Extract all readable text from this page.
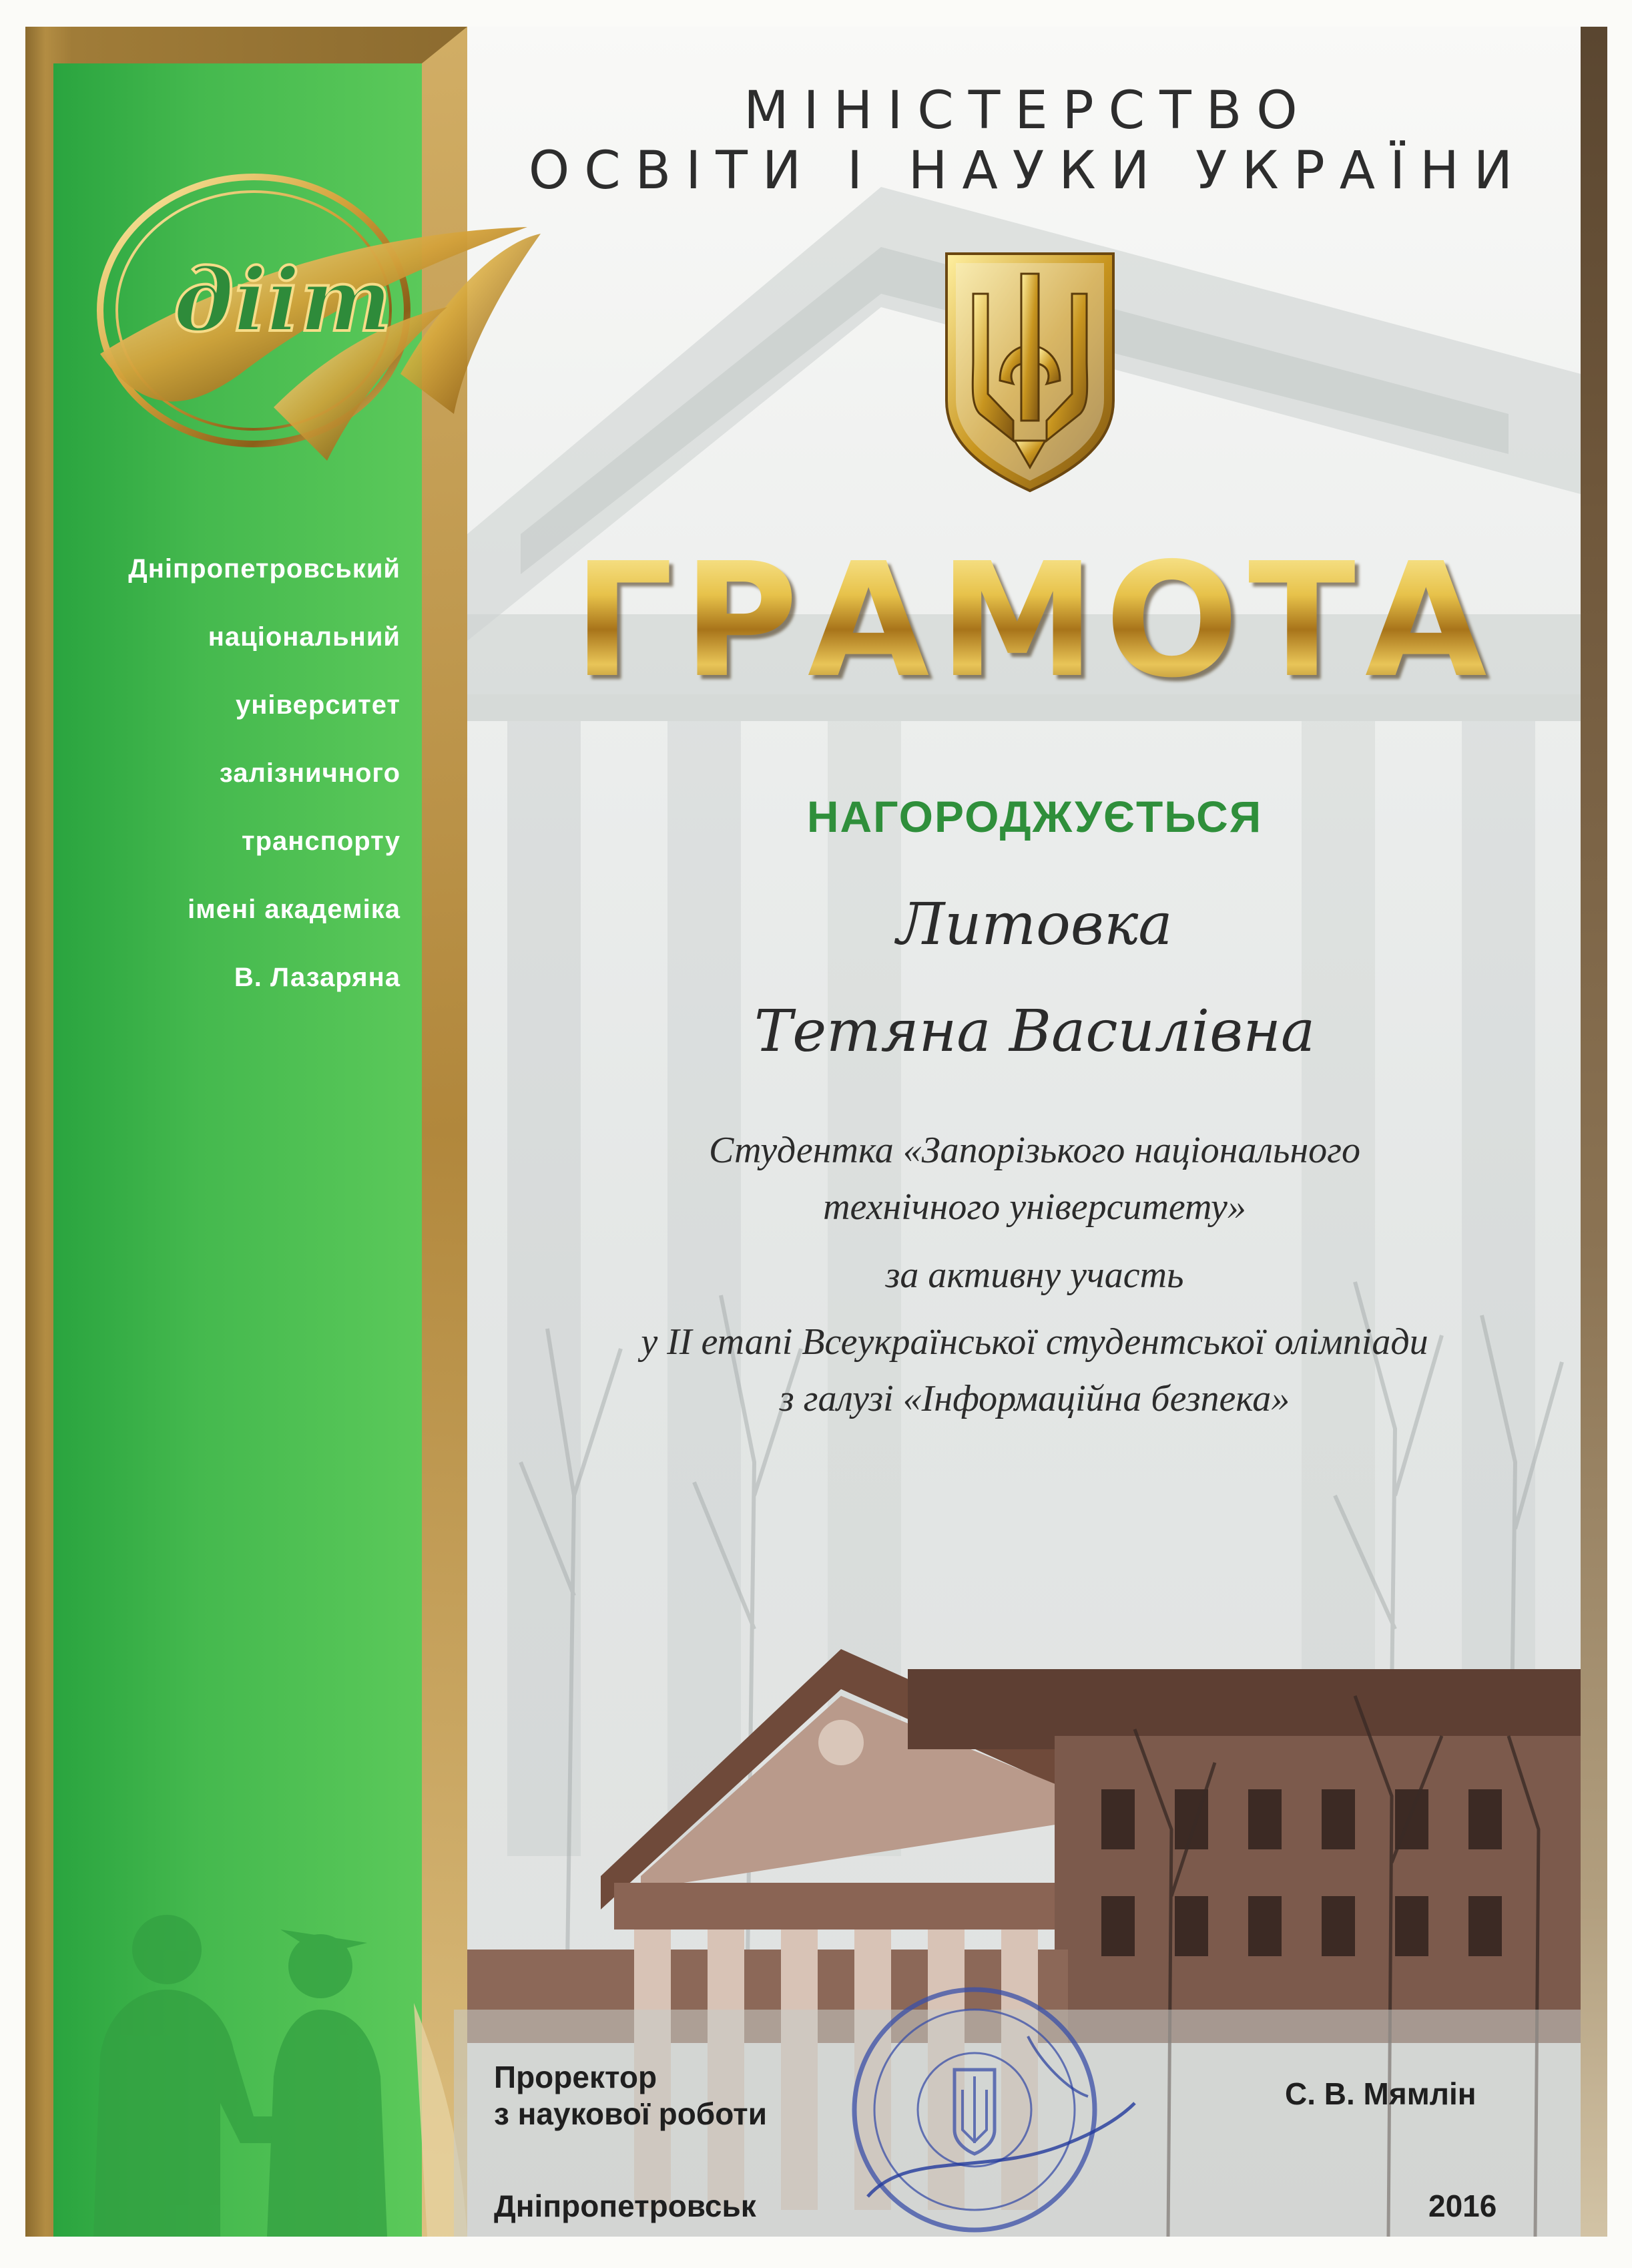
дііт
МІНІСТЕРСТВО
ОСВІТИ І НАУКИ УКРАЇНИ
ГРАМОТА
НАГОРОДЖУЄТЬСЯ
Литовка
Тетяна Василівна
Студентка «Запорізького національного
технічного університету»
за активну участь
у ІІ етапі Всеукраїнської студентської олімпіади
з галузі «Інформаційна безпека»
Дніпропетровський
національний
університет
залізничного
транспорту
імені академіка
В. Лазаряна
Проректор
з наукової роботи
С. В. Мямлін
Дніпропетровськ	2016
